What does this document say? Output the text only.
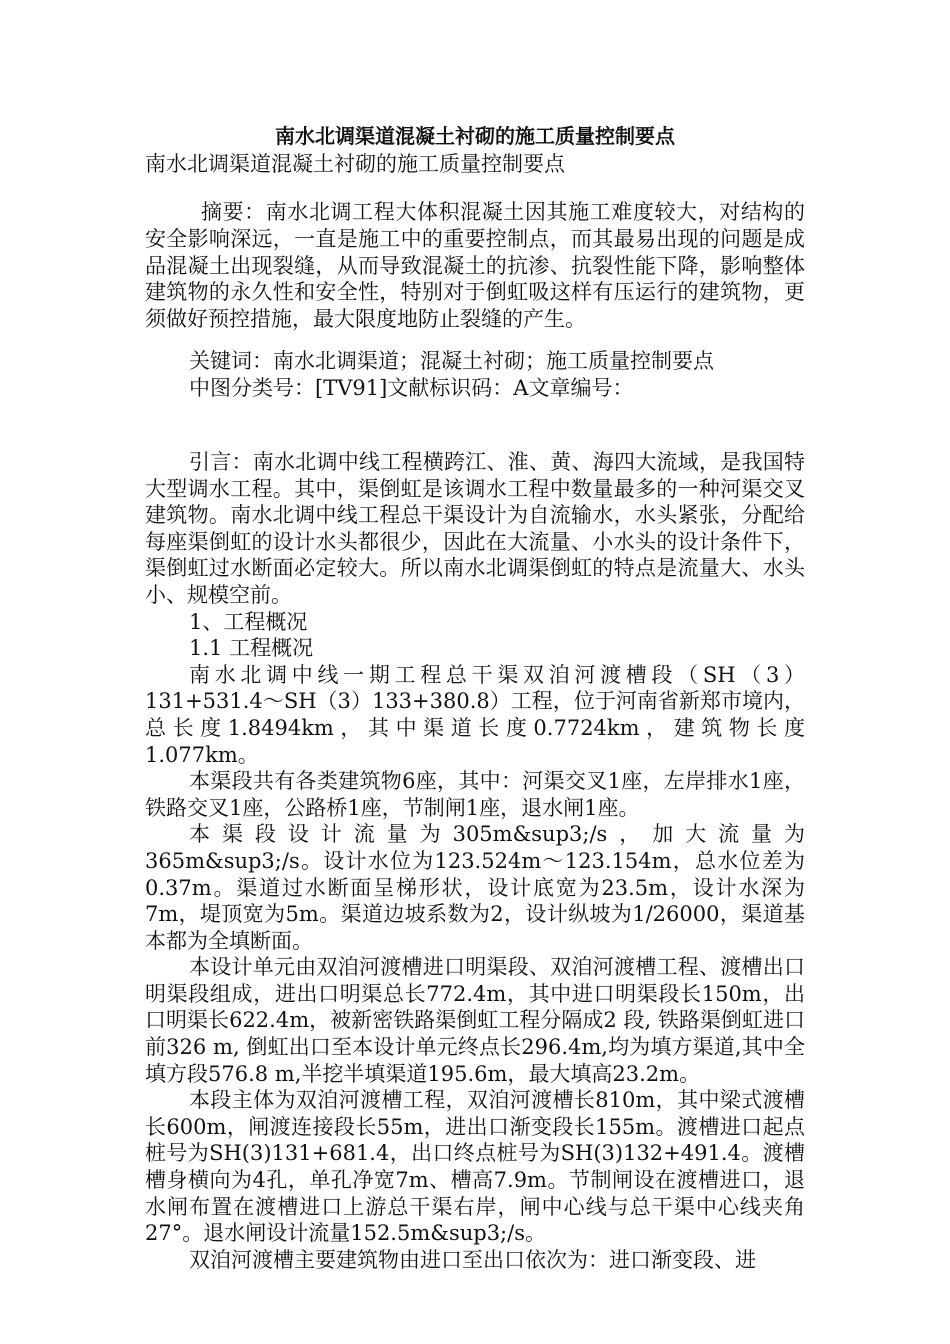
南水北调渠道混凝土衬砌的施工质量控制要点
南水北调渠道混凝土衬砌的施工质量控制要点

摘要：南水北调工程大体积混凝土因其施工难度较大，对结构的安全影响深远，一直是施工中的重要控制点，而其最易出现的问题是成品混凝土出现裂缝，从而导致混凝土的抗渗、抗裂性能下降，影响整体建筑物的永久性和安全性，特别对于倒虹吸这样有压运行的建筑物，更须做好预控措施，最大限度地防止裂缝的产生。

关键词：南水北调渠道；混凝土衬砌；施工质量控制要点
中图分类号：[TV91]文献标识码：A文章编号：

引言：南水北调中线工程横跨江、淮、黄、海四大流域，是我国特大型调水工程。其中，渠倒虹是该调水工程中数量最多的一种河渠交叉建筑物。南水北调中线工程总干渠设计为自流输水，水头紧张，分配给每座渠倒虹的设计水头都很少，因此在大流量、小水头的设计条件下，渠倒虹过水断面必定较大。所以南水北调渠倒虹的特点是流量大、水头小、规模空前。

1、工程概况

1.1 工程概况

南水北调中线一期工程总干渠双洎河渡槽段（SH（3）131+531.4～SH（3）133+380.8）工程，位于河南省新郑市境内，总长度1.8494km，其中渠道长度0.7724km，建筑物长度1.077km。

本渠段共有各类建筑物6座，其中：河渠交叉1座，左岸排水1座，铁路交叉1座，公路桥1座，节制闸1座，退水闸1座。

本渠段设计流量为305m&sup3;/s，加大流量为365m&sup3;/s。设计水位为123.524m～123.154m，总水位差为0.37m。渠道过水断面呈梯形状，设计底宽为23.5m，设计水深为7m，堤顶宽为5m。渠道边坡系数为2，设计纵坡为1/26000，渠道基本都为全填断面。

本设计单元由双洎河渡槽进口明渠段、双洎河渡槽工程、渡槽出口明渠段组成，进出口明渠总长772.4m，其中进口明渠段长150m，出口明渠长622.4m，被新密铁路渠倒虹工程分隔成2 段, 铁路渠倒虹进口前326 m, 倒虹出口至本设计单元终点长296.4m,均为填方渠道,其中全填方段576.8 m,半挖半填渠道195.6m，最大填高23.2m。

本段主体为双洎河渡槽工程，双洎河渡槽长810m，其中梁式渡槽长600m，闸渡连接段长55m，进出口渐变段长155m。渡槽进口起点桩号为SH(3)131+681.4，出口终点桩号为SH(3)132+491.4。渡槽槽身横向为4孔，单孔净宽7m、槽高7.9m。节制闸设在渡槽进口，退水闸布置在渡槽进口上游总干渠右岸，闸中心线与总干渠中心线夹角27°。退水闸设计流量152.5m&sup3;/s。

双洎河渡槽主要建筑物由进口至出口依次为：进口渐变段、进
